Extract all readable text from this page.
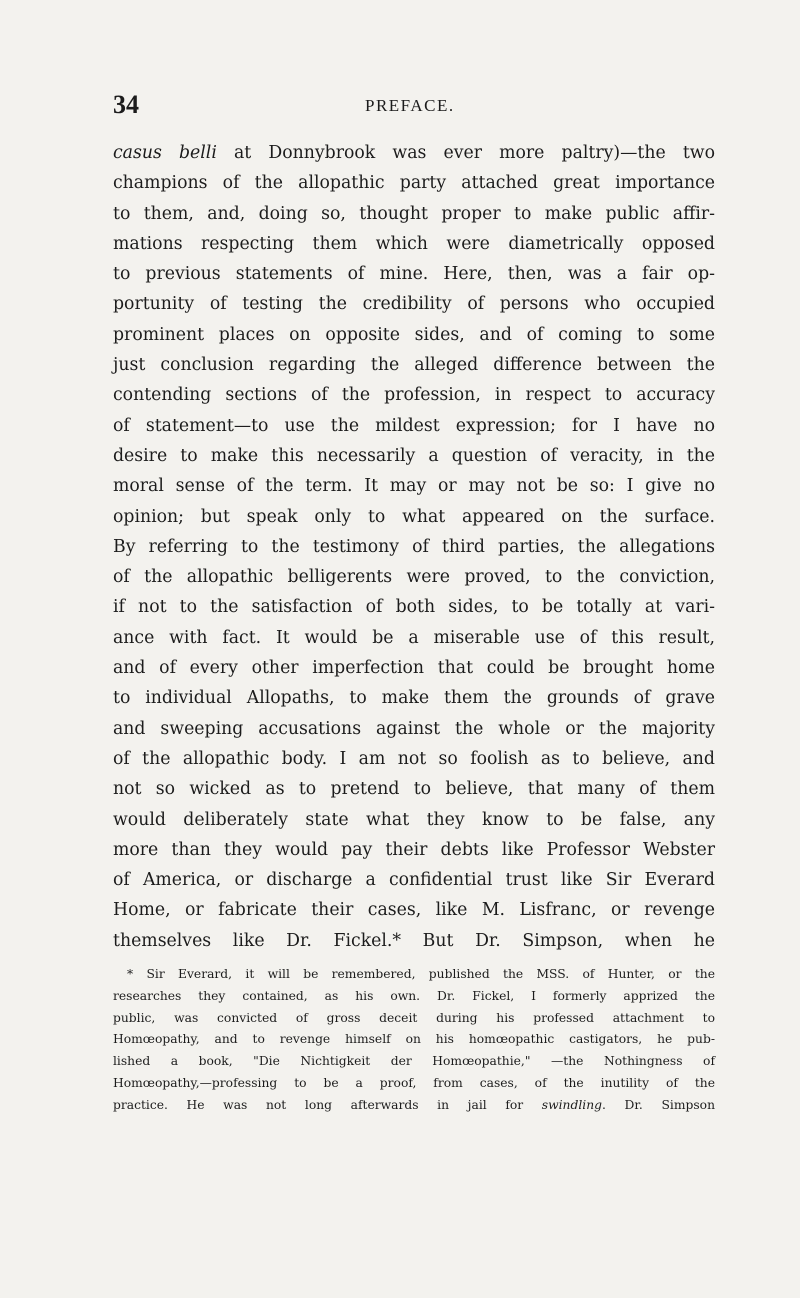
34	PREFACE.
casus belli at Donnybrook was ever more paltry)—the two
champions of the allopathic party attached great importance
to them, and, doing so, thought proper to make public affir-
mations respecting them which were diametrically opposed
to previous statements of mine. Here, then, was a fair op-
portunity of testing the credibility of persons who occupied
prominent places on opposite sides, and of coming to some
just conclusion regarding the alleged difference between the
contending sections of the profession, in respect to accuracy
of statement—to use the mildest expression; for I have no
desire to make this necessarily a question of veracity, in the
moral sense of the term. It may or may not be so: I give no
opinion; but speak only to what appeared on the surface.
By referring to the testimony of third parties, the allegations
of the allopathic belligerents were proved, to the conviction,
if not to the satisfaction of both sides, to be totally at vari-
ance with fact. It would be a miserable use of this result,
and of every other imperfection that could be brought home
to individual Allopaths, to make them the grounds of grave
and sweeping accusations against the whole or the majority
of the allopathic body. I am not so foolish as to believe, and
not so wicked as to pretend to believe, that many of them
would deliberately state what they know to be false, any
more than they would pay their debts like Professor Webster
of America, or discharge a confidential trust like Sir Everard
Home, or fabricate their cases, like M. Lisfranc, or revenge
themselves like Dr. Fickel.* But Dr. Simpson, when he
* Sir Everard, it will be remembered, published the MSS. of Hunter, or the
researches they contained, as his own. Dr. Fickel, I formerly apprized the
public, was convicted of gross deceit during his professed attachment to
Homœopathy, and to revenge himself on his homœopathic castigators, he pub-
lished a book, "Die Nichtigkeit der Homœopathie," —the Nothingness of
Homœopathy,—professing to be a proof, from cases, of the inutility of the
practice. He was not long afterwards in jail for swindling. Dr. Simpson
